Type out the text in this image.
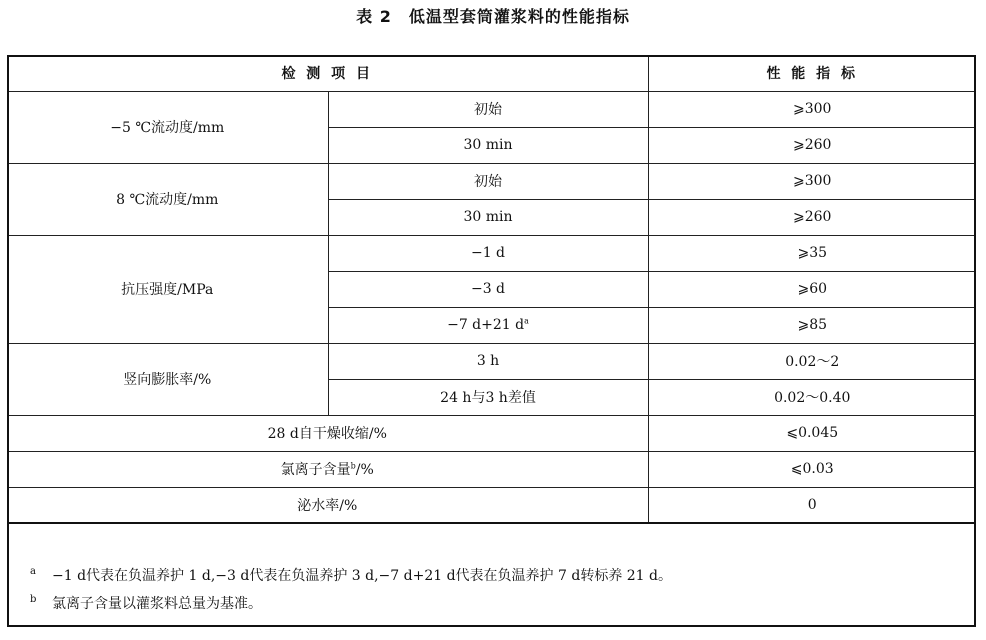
表 2　低温型套筒灌浆料的性能指标
检 测 项 目		性 能 指 标
−5 ℃流动度/mm	初始	⩾300
	30 min	⩾260
8 ℃流动度/mm	初始	⩾300
	30 min	⩾260
抗压强度/MPa	−1 d	⩾35
	−3 d	⩾60
	−7 d+21 $d^a$	⩾85
竖向膨胀率/%	3 h	0.02～2
	24 h与3 h差值	0.02～0.40
28 d自干燥收缩/%		⩽0.045
氯离子含量$^b$/%		⩽0.03
泌水率/%		0
a	−1 d代表在负温养护 1 d,−3 d代表在负温养护 3 d,−7 d+21 d代表在负温养护 7 d转标养 21 d。
b	氯离子含量以灌浆料总量为基准。
